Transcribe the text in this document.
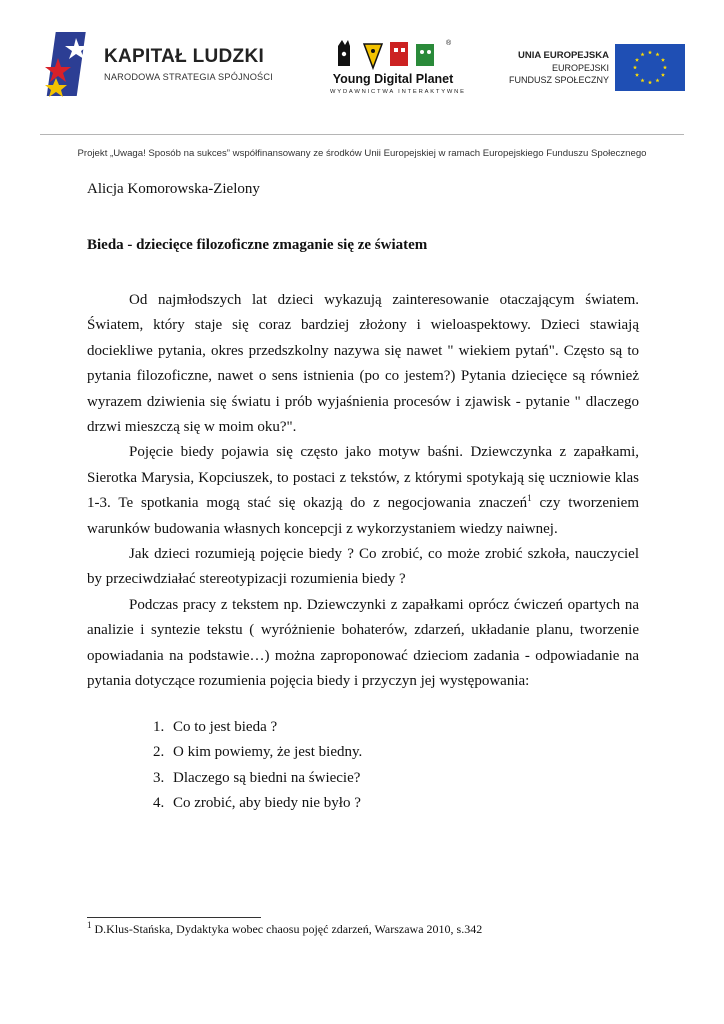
KAPITAŁ LUDZKI
NARODOWA STRATEGIA SPÓJNOŚCI
®
Young Digital Planet
WYDAWNICTWA INTERAKTYWNE
UNIA EUROPEJSKA
EUROPEJSKI
FUNDUSZ SPOŁECZNY
Projekt „Uwaga! Sposób na sukces” współfinansowany ze środków Unii Europejskiej w ramach Europejskiego Funduszu Społecznego
Alicja Komorowska-Zielony
Bieda - dziecięce filozoficzne zmaganie się ze światem

Od najmłodszych lat dzieci wykazują zainteresowanie otaczającym światem. Światem, który staje się coraz bardziej złożony i wieloaspektowy. Dzieci stawiają dociekliwe pytania, okres przedszkolny nazywa się nawet " wiekiem pytań". Często są to pytania filozoficzne, nawet o sens istnienia (po co jestem?) Pytania dziecięce są również wyrazem dziwienia się światu i prób wyjaśnienia procesów i zjawisk - pytanie " dlaczego drzwi mieszczą się w moim oku?".

Pojęcie biedy pojawia się często jako motyw baśni. Dziewczynka z zapałkami, Sierotka Marysia, Kopciuszek, to postaci z tekstów, z którymi spotykają się uczniowie klas 1-3. Te spotkania mogą stać się okazją do z negocjowania znaczeń$^1$ czy tworzeniem warunków budowania własnych koncepcji z wykorzystaniem wiedzy naiwnej.

Jak dzieci rozumieją pojęcie biedy ? Co zrobić, co może zrobić szkoła, nauczyciel by przeciwdziałać stereotypizacji rozumienia biedy ?

Podczas pracy z tekstem np. Dziewczynki z zapałkami oprócz ćwiczeń opartych na analizie i syntezie tekstu ( wyróżnienie bohaterów, zdarzeń, układanie planu, tworzenie opowiadania na podstawie…) można zaproponować dzieciom zadania - odpowiadanie na pytania dotyczące rozumienia pojęcia biedy i przyczyn jej występowania:

1. Co to jest bieda ?
2. O kim powiemy, że jest biedny.
3. Dlaczego są biedni na świecie?
4. Co zrobić, aby biedy nie było ?
$^1$ D.Klus-Stańska, Dydaktyka wobec chaosu pojęć zdarzeń, Warszawa 2010, s.342
